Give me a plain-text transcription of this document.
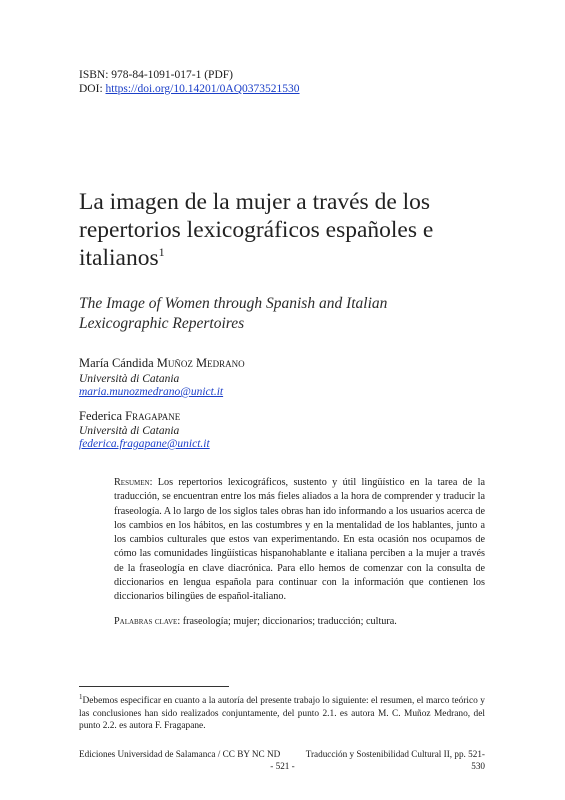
ISBN: 978-84-1091-017-1 (PDF)
DOI: https://doi.org/10.14201/0AQ0373521530
La imagen de la mujer a través de los repertorios lexicográficos españoles e italianos$^1$
The Image of Women through Spanish and Italian Lexicographic Repertoires
María Cándida Muñoz Medrano
Università di Catania
maria.munozmedrano@unict.it
Federica Fragapane
Università di Catania
federica.fragapane@unict.it
Resumen: Los repertorios lexicográficos, sustento y útil lingüístico en la tarea de la traducción, se encuentran entre los más fieles aliados a la hora de comprender y traducir la fraseología. A lo largo de los siglos tales obras han ido informando a los usuarios acerca de los cambios en los hábitos, en las costumbres y en la mentalidad de los hablantes, junto a los cambios culturales que estos van experimentando. En esta ocasión nos ocupamos de cómo las comunidades lingüísticas hispanohablante e italiana perciben a la mujer a través de la fraseología en clave diacrónica. Para ello hemos de comenzar con la consulta de diccionarios en lengua española para continuar con la información que contienen los diccionarios bilingües de español-italiano.
Palabras clave: fraseología; mujer; diccionarios; traducción; cultura.
$^1$Debemos especificar en cuanto a la autoría del presente trabajo lo siguiente: el resumen, el marco teórico y las conclusiones han sido realizados conjuntamente, del punto 2.1. es autora M. C. Muñoz Medrano, del punto 2.2. es autora F. Fragapane.
Ediciones Universidad de Salamanca / CC BY NC ND	Traducción y Sostenibilidad Cultural II, pp. 521-530
- 521 -
